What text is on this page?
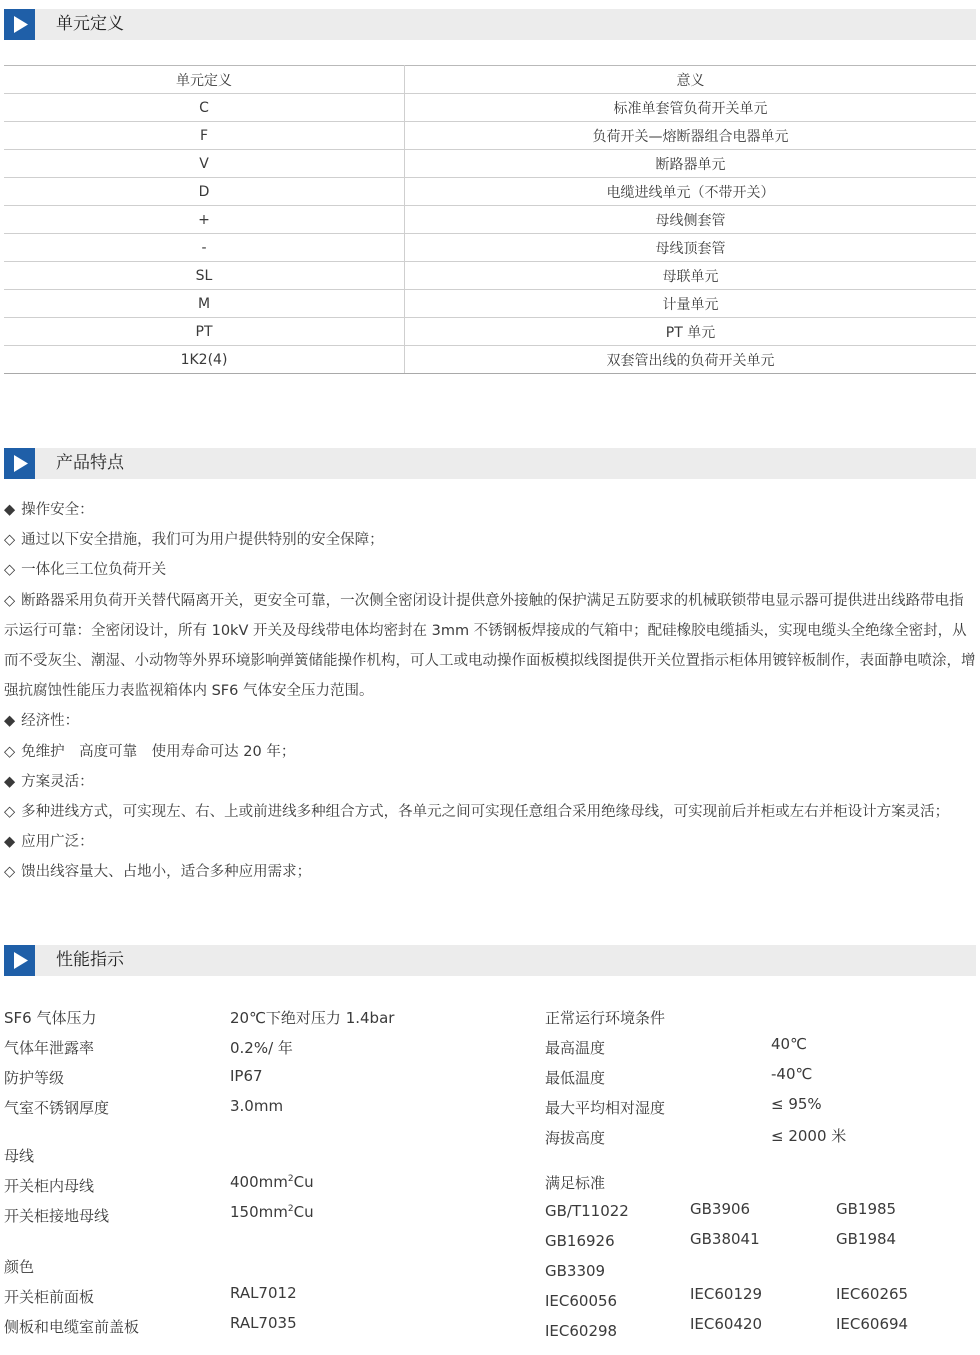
单元定义
单元定义	意义
C	标准单套管负荷开关单元
F	负荷开关—熔断器组合电器单元
V	断路器单元
D	电缆进线单元（不带开关）
+	母线侧套管
-	母线顶套管
SL	母联单元
M	计量单元
PT	PT 单元
1K2(4)	双套管出线的负荷开关单元
产品特点

◆ 操作安全：

◇ 通过以下安全措施，我们可为用户提供特别的安全保障；

◇ 一体化三工位负荷开关

◇ 断路器采用负荷开关替代隔离开关，更安全可靠，一次侧全密闭设计提供意外接触的保护满足五防要求的机械联锁带电显示器可提供进出线路带电指示运行可靠：全密闭设计，所有 10kV 开关及母线带电体均密封在 3mm 不锈钢板焊接成的气箱中；配硅橡胶电缆插头，实现电缆头全绝缘全密封，从而不受灰尘、潮湿、小动物等外界环境影响弹簧储能操作机构，可人工或电动操作面板模拟线图提供开关位置指示柜体用镀锌板制作，表面静电喷涂，增强抗腐蚀性能压力表监视箱体内 SF6 气体安全压力范围。

◆ 经济性：

◇ 免维护　高度可靠　使用寿命可达 20 年；

◆ 方案灵活：

◇ 多种进线方式，可实现左、右、上或前进线多种组合方式，各单元之间可实现任意组合采用绝缘母线，可实现前后并柜或左右并柜设计方案灵活；

◆ 应用广泛：

◇ 馈出线容量大、占地小，适合多种应用需求；

性能指示
SF6 气体压力	20℃下绝对压力 1.4bar
气体年泄露率	0.2%/ 年
防护等级	IP67
气室不锈钢厚度	3.0mm
母线
开关柜内母线	$400mm^2Cu$
开关柜接地母线	$150mm^2Cu$
颜色
开关柜前面板	RAL7012
侧板和电缆室前盖板	RAL7035
正常运行环境条件
最高温度	40℃
最低温度	-40℃
最大平均相对湿度	≤ 95%
海拔高度	≤ 2000 米
满足标准
GB/T11022	GB3906	GB1985
GB16926	GB38041	GB1984
GB3309
IEC60056	IEC60129	IEC60265
IEC60298	IEC60420	IEC60694
